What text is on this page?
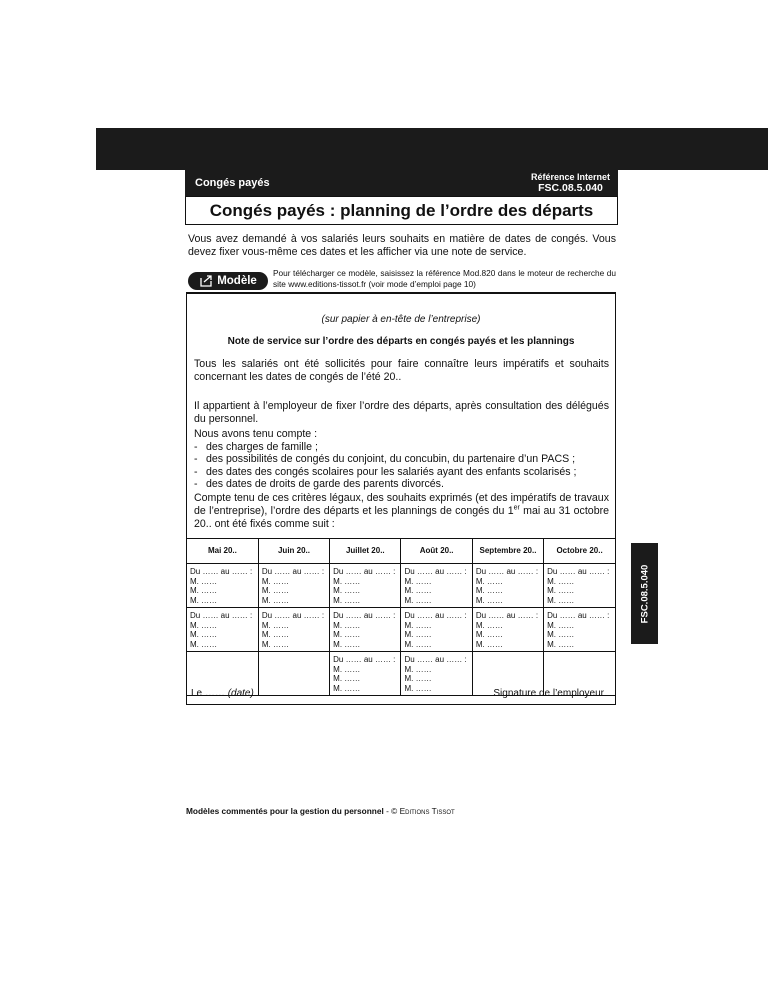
Congés payés	Référence Internet
FSC.08.5.040
Congés payés : planning de l’ordre des départs

Vous avez demandé à vos salariés leurs souhaits en matière de dates de congés. Vous devez fixer vous-même ces dates et les afficher via une note de service.

Modèle

Pour télécharger ce modèle, saisissez la référence Mod.820 dans le moteur de recherche du site www.editions-tissot.fr (voir mode d’emploi page 10)

(sur papier à en-tête de l’entreprise)
Note de service sur l’ordre des départs en congés payés et les plannings

Tous les salariés ont été sollicités pour faire connaître leurs impératifs et souhaits concernant les dates de congés de l’été 20..

Il appartient à l’employeur de fixer l’ordre des départs, après consultation des délégués du personnel.

Nous avons tenu compte :
- des charges de famille ;
- des possibilités de congés du conjoint, du concubin, du partenaire d’un PACS ;
- des dates des congés scolaires pour les salariés ayant des enfants scolarisés ;
- des dates de droits de garde des parents divorcés.

Compte tenu de ces critères légaux, des souhaits exprimés (et des impératifs de travaux de l’entreprise), l’ordre des départs et les plannings de congés du 1er mai au 31 octobre 20.. ont été fixés comme suit :

Mai 20..	Juin 20..	Juillet 20..	Août 20..	Septembre 20..	Octobre 20..

Du …… au …… :
M. ……
M. ……
M. ……	Du …… au …… :
M. ……
M. ……
M. ……	Du …… au …… :
M. ……
M. ……
M. ……	Du …… au …… :
M. ……
M. ……
M. ……	Du …… au …… :
M. ……
M. ……
M. ……	Du …… au …… :
M. ……
M. ……
M. ……

Du …… au …… :
M. ……
M. ……
M. ……	Du …… au …… :
M. ……
M. ……
M. ……	Du …… au …… :
M. ……
M. ……
M. ……	Du …… au …… :
M. ……
M. ……
M. ……	Du …… au …… :
M. ……
M. ……
M. ……	Du …… au …… :
M. ……
M. ……
M. ……

		Du …… au …… :
M. ……
M. ……
M. ……	Du …… au …… :
M. ……
M. ……
M. ……		

Le …… (date)	Signature de l’employeur
FSC.08.5.040
Modèles commentés pour la gestion du personnel - © Editions Tissot
